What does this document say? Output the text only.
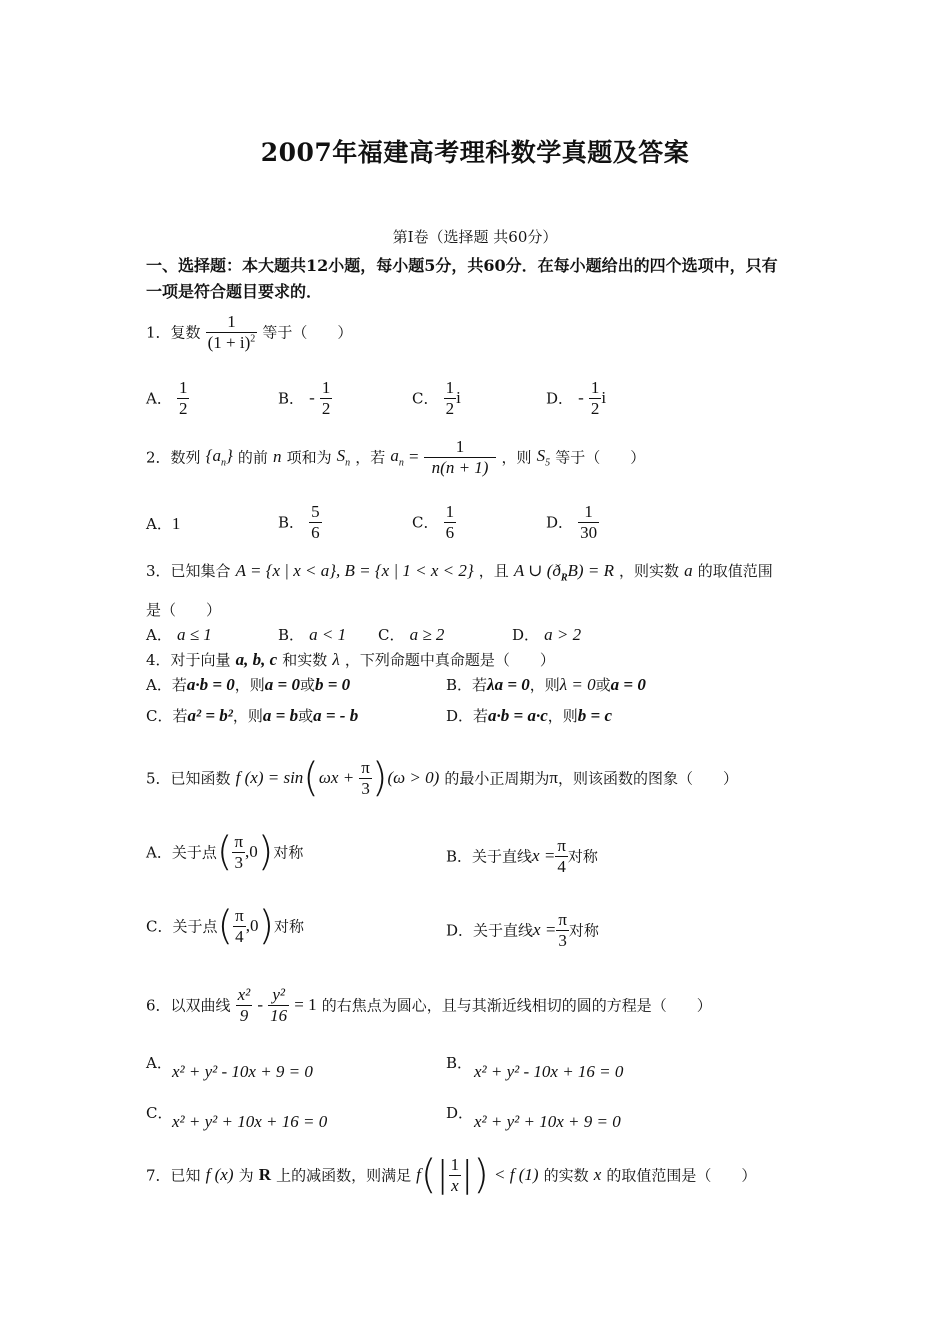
2007年福建高考理科数学真题及答案
第Ⅰ卷（选择题 共60分）
一、选择题：本大题共12小题，每小题5分，共60分．在每小题给出的四个选项中，只有
一项是符合题目要求的．
1．复数 $\frac{1}{(1 + i)^2}$ 等于（　　）
A． $\frac{1}{2}$	B． - $\frac{1}{2}$	C． $\frac{1}{2}$ i	D． - $\frac{1}{2}$ i
2．数列 $\{a_n\}$ 的前 n 项和为 $S_n$ ，若 $a_n = \frac{1}{n(n + 1)}$ ，则 $S_5$ 等于（　　）
A．1	B． $\frac{5}{6}$	C． $\frac{1}{6}$	D． $\frac{1}{30}$
3．已知集合 A = {x | x < a}, B = {x | 1 < x < 2} ，且 A ∪ $(ð_RB) = R$ ，则实数 a 的取值范围
是（　　）
A． a ≤ 1	B． a < 1 C． a ≥ 2	D． a > 2
4．对于向量 a, b, c 和实数 λ ，下列命题中真命题是（　　）
A．若a·b = 0，则a = 0或b = 0	B．若λa = 0，则λ = 0或a = 0
C．若a² = b²，则a = b或a = - b	D．若a·b = a·c，则b = c
5．已知函数 f $(x) = \sin(\omega x + \frac{\pi}{3} )(\omega > 0)$ 的最小正周期为π，则该函数的图象（　　）
A．关于点( $\frac{\pi}{3} ,0$)对称	B．关于直线$x = \frac{\pi}{4}$ 对称
C．关于点( $\frac{\pi}{4} ,0$)对称	D．关于直线$x = \frac{\pi}{3}$ 对称
6．以双曲线 $\frac{\text{x²}}{9} - \frac{\text{y²}}{16} = 1$ 的右焦点为圆心，且与其渐近线相切的圆的方程是（　　）
A． x² + y² - 10x + 9 = 0	B． x² + y² - 10x + 16 = 0
C． x² + y² + 10x + 16 = 0	D． x² + y² + 10x + 9 = 0
7．已知 f (x) 为 R 上的减函数，则满足 $f(| \frac{1}{x}$ |) < f (1) 的实数 x 的取值范围是（　　）
